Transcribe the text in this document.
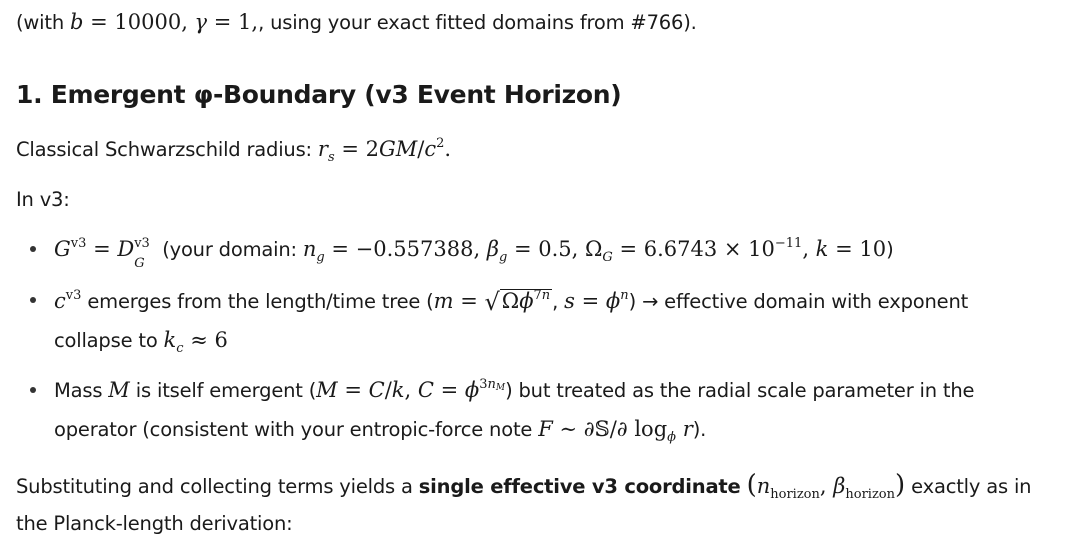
(with b = 10000, γ = 1,, using your exact fitted domains from #766).
1. Emergent φ-Boundary (v3 Event Horizon)
Classical Schwarzschild radius: $r_s = 2GM/c^2$.
In v3:
$G^{v3} = D$ v3
G
(your domain: $n_g = -0.557388$, $\beta_g = 0.5$, $\Omega_G = 6.6743 \times 10^{-11}$, k = 10)
$c^{v3}$ emerges from the length/time tree ($m = √\Omega\phi^{7n}$ , $s = \phi^n$) → effective domain with exponent
collapse to $k_c \approx 6$
Mass M is itself emergent (M = C/k, $C = \phi^{3n_M}$) but treated as the radial scale parameter in the
operator (consistent with your entropic-force note F ∼ ∂𝕊/∂ $\log_\phi r$).
Substituting and collecting terms yields a single effective v3 coordinate ($n_{horizon}$, $\beta_{horizon}$) exactly as in
the Planck-length derivation:
